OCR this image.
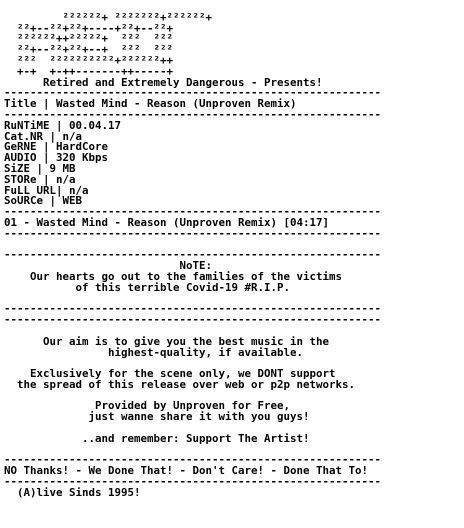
²²²²²²+ ²²²²²²²+²²²²²²+
²²+--²²+²²+----+²²+--²²+
²²²²²²++²²²²²+  ²²²  ²²²
²²+--²²+²²+--+  ²²²  ²²²
²²²  ²²²²²²²²²²+²²²²²²++
+-+  +-++-------++-----+
Retired and Extremely Dangerous - Presents!
----------------------------------------------------------
Title | Wasted Mind - Reason (Unproven Remix)
----------------------------------------------------------
RuNTiME | 00.04.17
Cat.NR | n/a
GeRNE | HardCore
AUDIO | 320 Kbps
SiZE | 9 MB
STORe | n/a
FuLL URL| n/a
SoURCe | WEB
----------------------------------------------------------
01 - Wasted Mind - Reason (Unproven Remix) [04:17]
----------------------------------------------------------

----------------------------------------------------------
NoTE:
Our hearts go out to the families of the victims
of this terrible Covid-19 #R.I.P.

----------------------------------------------------------
----------------------------------------------------------

Our aim is to give you the best music in the
highest-quality, if available.

Exclusively for the scene only, we DONT support
the spread of this release over web or p2p networks.

Provided by Unproven for Free,
just wanne share it with you guys!

..and remember: Support The Artist!

----------------------------------------------------------
NO Thanks! - We Done That! - Don't Care! - Done That To!
----------------------------------------------------------
(A)live Sinds 1995!
